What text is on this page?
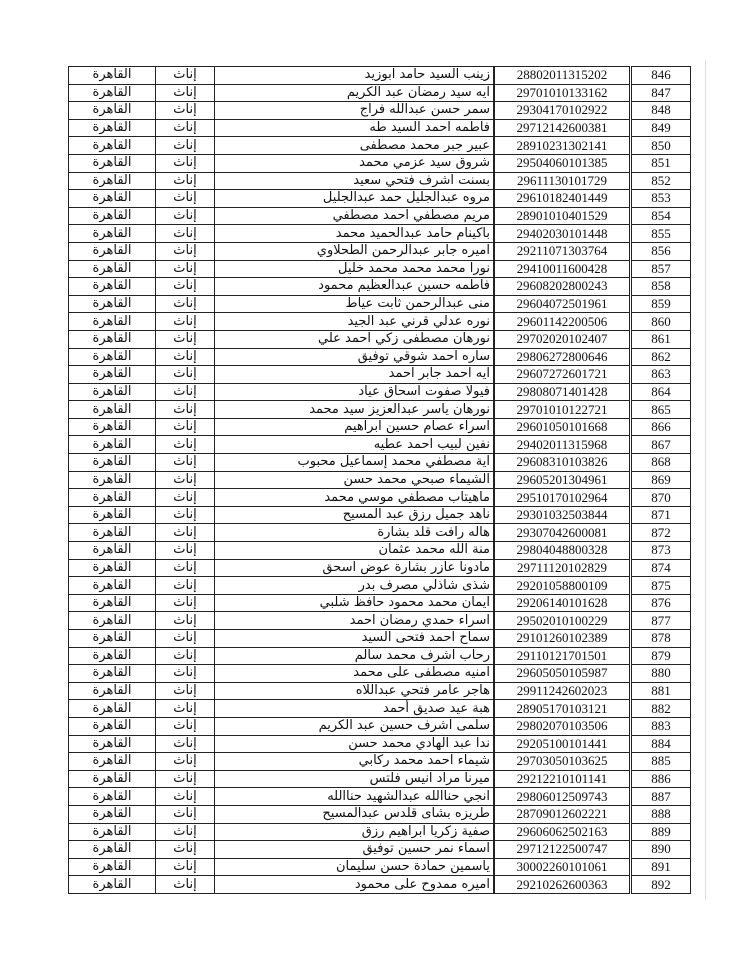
846	28802011315202	زينب السيد حامد ابوزيد	إناث	القاهرة
847	29701010133162	ايه سيد رمضان عبد الكريم	إناث	القاهرة
848	29304170102922	سمر حسن عبدالله فراج	إناث	القاهرة
849	29712142600381	فاطمه احمد السيد طه	إناث	القاهرة
850	28910231302141	عبير جبر محمد مصطفى	إناث	القاهرة
851	29504060101385	شروق سيد عزمي محمد	إناث	القاهرة
852	29611130101729	بسنت اشرف فتحي سعيد	إناث	القاهرة
853	29610182401449	مروه عبدالجليل حمد عبدالجليل	إناث	القاهرة
854	28901010401529	مريم مصطفي احمد مصطفي	إناث	القاهرة
855	29402030101448	باكينام حامد عبدالحميد محمد	إناث	القاهرة
856	29211071303764	اميره جابر عبدالرحمن الطحلاوي	إناث	القاهرة
857	29410011600428	نورا محمد محمد محمد خليل	إناث	القاهرة
858	29608202800243	فاطمه حسين عبدالعظيم محمود	إناث	القاهرة
859	29604072501961	منى عبدالرحمن ثابت عياط	إناث	القاهرة
860	29601142200506	نوره عدلي قرني عبد الجيد	إناث	القاهرة
861	29702020102407	نورهان مصطفى زكي احمد علي	إناث	القاهرة
862	29806272800646	ساره احمد شوقي توفيق	إناث	القاهرة
863	29607272601721	ايه احمد جابر احمد	إناث	القاهرة
864	29808071401428	فيولا صفوت اسحاق عياد	إناث	القاهرة
865	29701010122721	نورهان ياسر عبدالعزيز سيد محمد	إناث	القاهرة
866	29601050101668	اسراء عصام حسين ابراهيم	إناث	القاهرة
867	29402011315968	نفين لبيب احمد عطيه	إناث	القاهرة
868	29608310103826	اية مصطفي محمد إسماعيل محبوب	إناث	القاهرة
869	29605201304961	الشيماء صبحي محمد حسن	إناث	القاهرة
870	29510170102964	ماهيتاب مصطفي موسي محمد	إناث	القاهرة
871	29301032503844	ناهد جميل رزق عبد المسيح	إناث	القاهرة
872	29307042600081	هاله رافت قلد بشارة	إناث	القاهرة
873	29804048800328	منة الله محمد عثمان	إناث	القاهرة
874	29711120102829	مادونا عازر بشارة عوض اسحق	إناث	القاهرة
875	29201058800109	شذى شاذلي مصرف بدر	إناث	القاهرة
876	29206140101628	ايمان محمد محمود حافظ شلبي	إناث	القاهرة
877	29502010100229	اسراء حمدي رمضان احمد	إناث	القاهرة
878	29101260102389	سماح احمد فتحى السيد	إناث	القاهرة
879	29110121701501	رحاب اشرف محمد سالم	إناث	القاهرة
880	29605050105987	امنيه مصطفى على محمد	إناث	القاهرة
881	29911242602023	هاجر عامر فتحي عبداللاه	إناث	القاهرة
882	28905170103121	هبة عيد صديق أحمد	إناث	القاهرة
883	29802070103506	سلمى اشرف حسين عبد الكريم	إناث	القاهرة
884	29205100101441	ندا عبد الهادي محمد حسن	إناث	القاهرة
885	29703050103625	شيماء احمد محمد ركابي	إناث	القاهرة
886	29212210101141	ميرنا مراد انيس فلتس	إناث	القاهرة
887	29806012509743	انجي حناالله عبدالشهيد حناالله	إناث	القاهرة
888	28709012602221	طريزه بشاى قلدس عبدالمسيح	إناث	القاهرة
889	29606062502163	صفية زكريا ابراهيم رزق	إناث	القاهرة
890	29712122500747	اسماء نمر حسين توفيق	إناث	القاهرة
891	30002260101061	ياسمين حمادة حسن سليمان	إناث	القاهرة
892	29210262600363	اميره ممدوح على محمود	إناث	القاهرة
